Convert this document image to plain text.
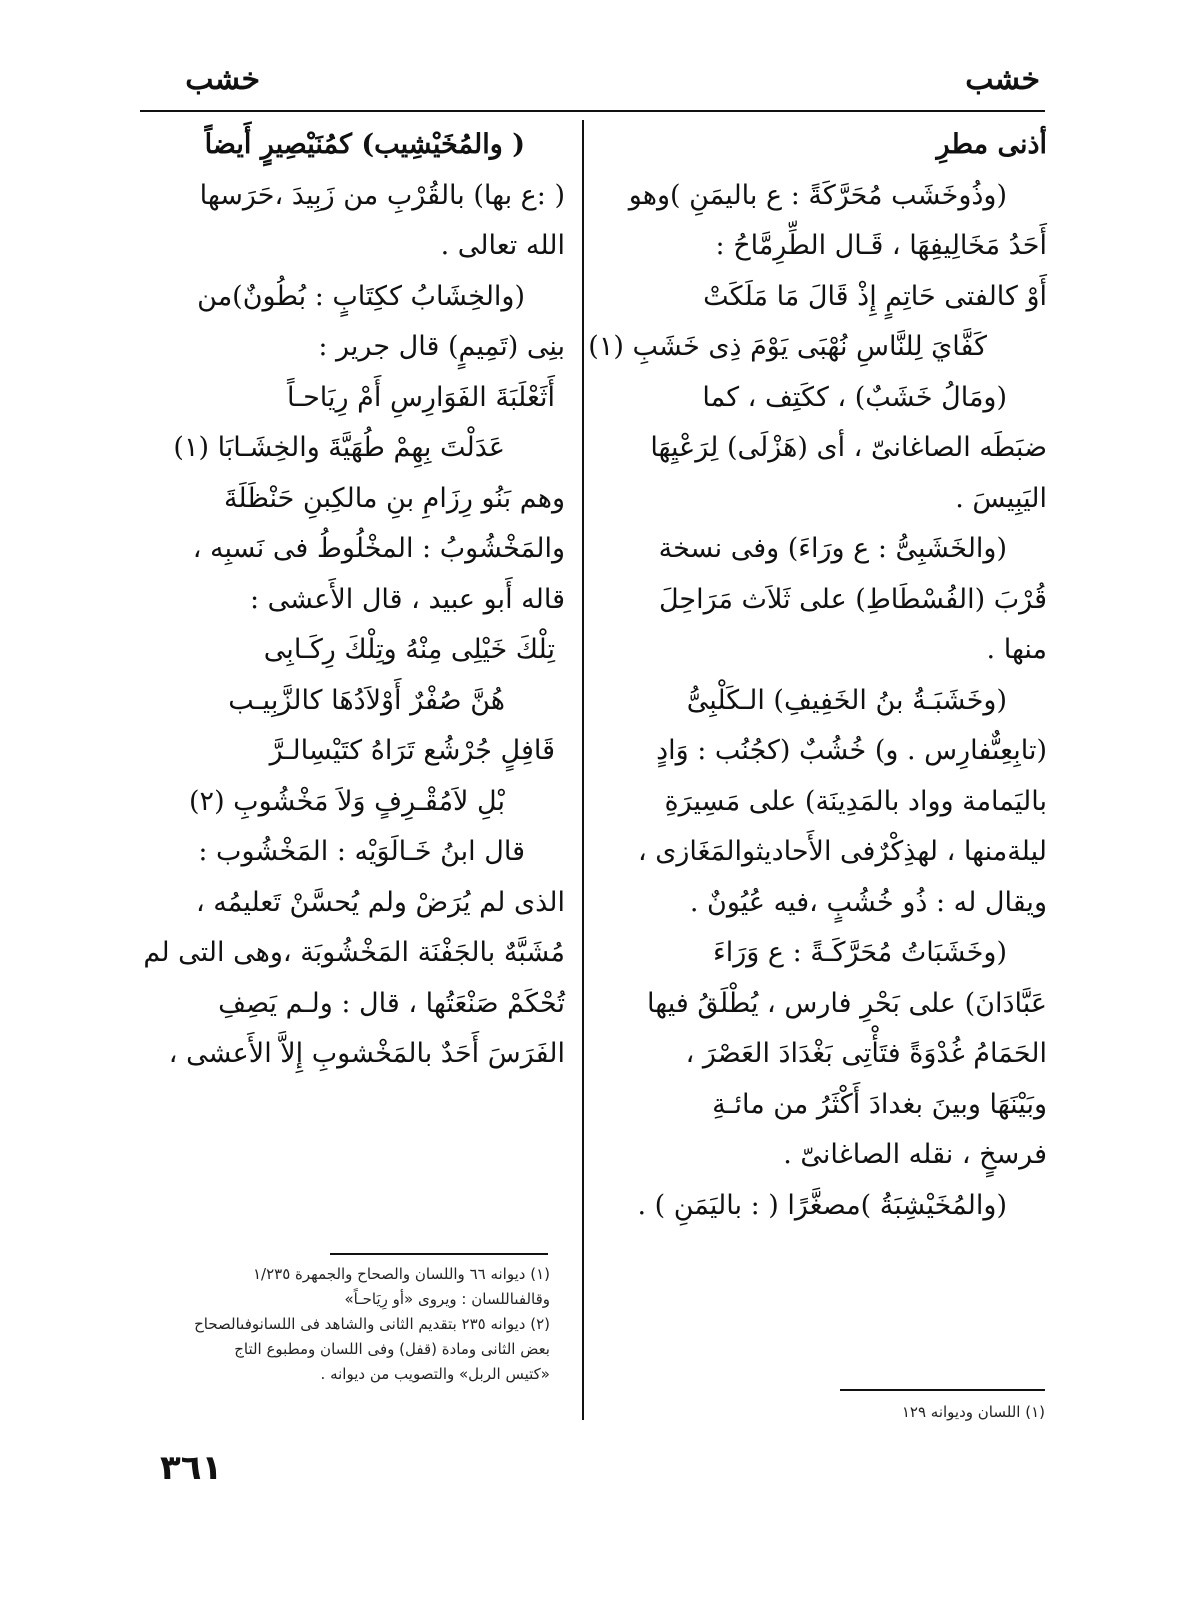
خشب
خشب
أذنى مطرِ
(وذُوخَشَب مُحَرَّكَةً : ع باليمَنِ )وهو
أَحَدُ مَخَالِيفِهَا ، قَـال الطِّرِمَّاحُ :
أَوْ كالفتى حَاتِمٍ إِذْ قَالَ مَا مَلَكَتْ
كَفَّايَ لِلنَّاسِ نُهْبَى يَوْمَ ذِى خَشَبِ (١)
(ومَالُ خَشَبٌ) ، ككَتِف ، كما
ضبَطَه الصاغانىّ ، أى (هَزْلَى) لِرَعْيِهَا
اليَبِيسَ .
(والخَشَبِىُّ : ع ورَاءَ) وفى نسخة
قُرْبَ (الفُسْطَاطِ) على ثَلاَث مَرَاحِلَ
منها .
(وخَشَبَـةُ بنُ الخَفِيفِ) الـكَلْبِىُّ
(تابِعِىٌّفارِس . و) خُشُبٌ (كجُنُب : وَادٍ
باليَمامة وواد بالمَدِينَة) على مَسِيرَةِ
ليلةمنها ، لهذِكْرٌفى الأَحاديثوالمَغَازى ،
ويقال له : ذُو خُشُبٍ ،فيه عُيُونٌ .
(وخَشَبَاتُ مُحَرَّكَـةً : ع وَرَاءَ
عَبَّادَانَ) على بَحْرِ فارس ، يُطْلَقُ فيها
الحَمَامُ غُدْوَةً فتَأْتِى بَغْدَادَ العَصْرَ ،
وبَيْنَهَا وبينَ بغدادَ أَكْثَرُ من مائـةِ
فرسخٍ ، نقله الصاغانىّ .
(والمُخَيْشِبَةُ )مصغَّرًا ( : باليَمَنِ ) .
(١) اللسان وديوانه ١٢٩
( والمُخَيْشِيب) كمُنَيْصِيرٍ أَيضاً
( :ع بها) بالقُرْبِ من زَبِيدَ ،حَرَسها
الله تعالى .
(والخِشَابُ ككِتَابٍ : بُطُونٌ)من
بنِى (تَمِيمٍ) قال جرير :
أَثَعْلَبَةَ الفَوَارِسِ أَمْ رِيَاحـاً
عَدَلْتَ بِهِمْ طُهَيَّةَ والخِشَـابَا (١)
وهم بَنُو رِزَامِ بنِ مالكِبنِ حَنْظَلَةَ
والمَخْشُوبُ : المخْلُوطُ فى نَسبِه ،
قاله أَبو عبيد ، قال الأَعشى :
تِلْكَ خَيْلِى مِنْهُ وتِلْكَ رِكَـابِى
هُنَّ صُفْرٌ أَوْلاَدُهَا كالزَّبِيـب
قَافِلٍ جُرْشُع تَرَاهُ كتَيْسِالـرَّ
بْلِ لاَمُقْـرِفٍ وَلاَ مَخْشُوبِ (٢)
قال ابنُ خَـالَوَيْه : المَخْشُوب :
الذى لم يُرَضْ ولم يُحسَّنْ تَعليمُه ،
مُشَبَّهٌ بالجَفْنَة المَخْشُوبَة ،وهى التى لم
تُحْكَمْ صَنْعَتُها ، قال : ولـم يَصِفِ
الفَرَسَ أَحَدٌ بالمَخْشوبِ إِلاَّ الأَعشى ،
(١) ديوانه ٦٦ واللسان والصحاح والجمهرة ١/٢٣٥
وقالفىاللسان : ويروى «أو رِيَاحـاً»
(٢) ديوانه ٢٣٥ بتقديم الثانى والشاهد فى اللسانوفىالصحاح
بعض الثانى ومادة (قفل) وفى اللسان ومطبوع التاج
«كتيس الربل» والتصويب من ديوانه .
٣٦١
